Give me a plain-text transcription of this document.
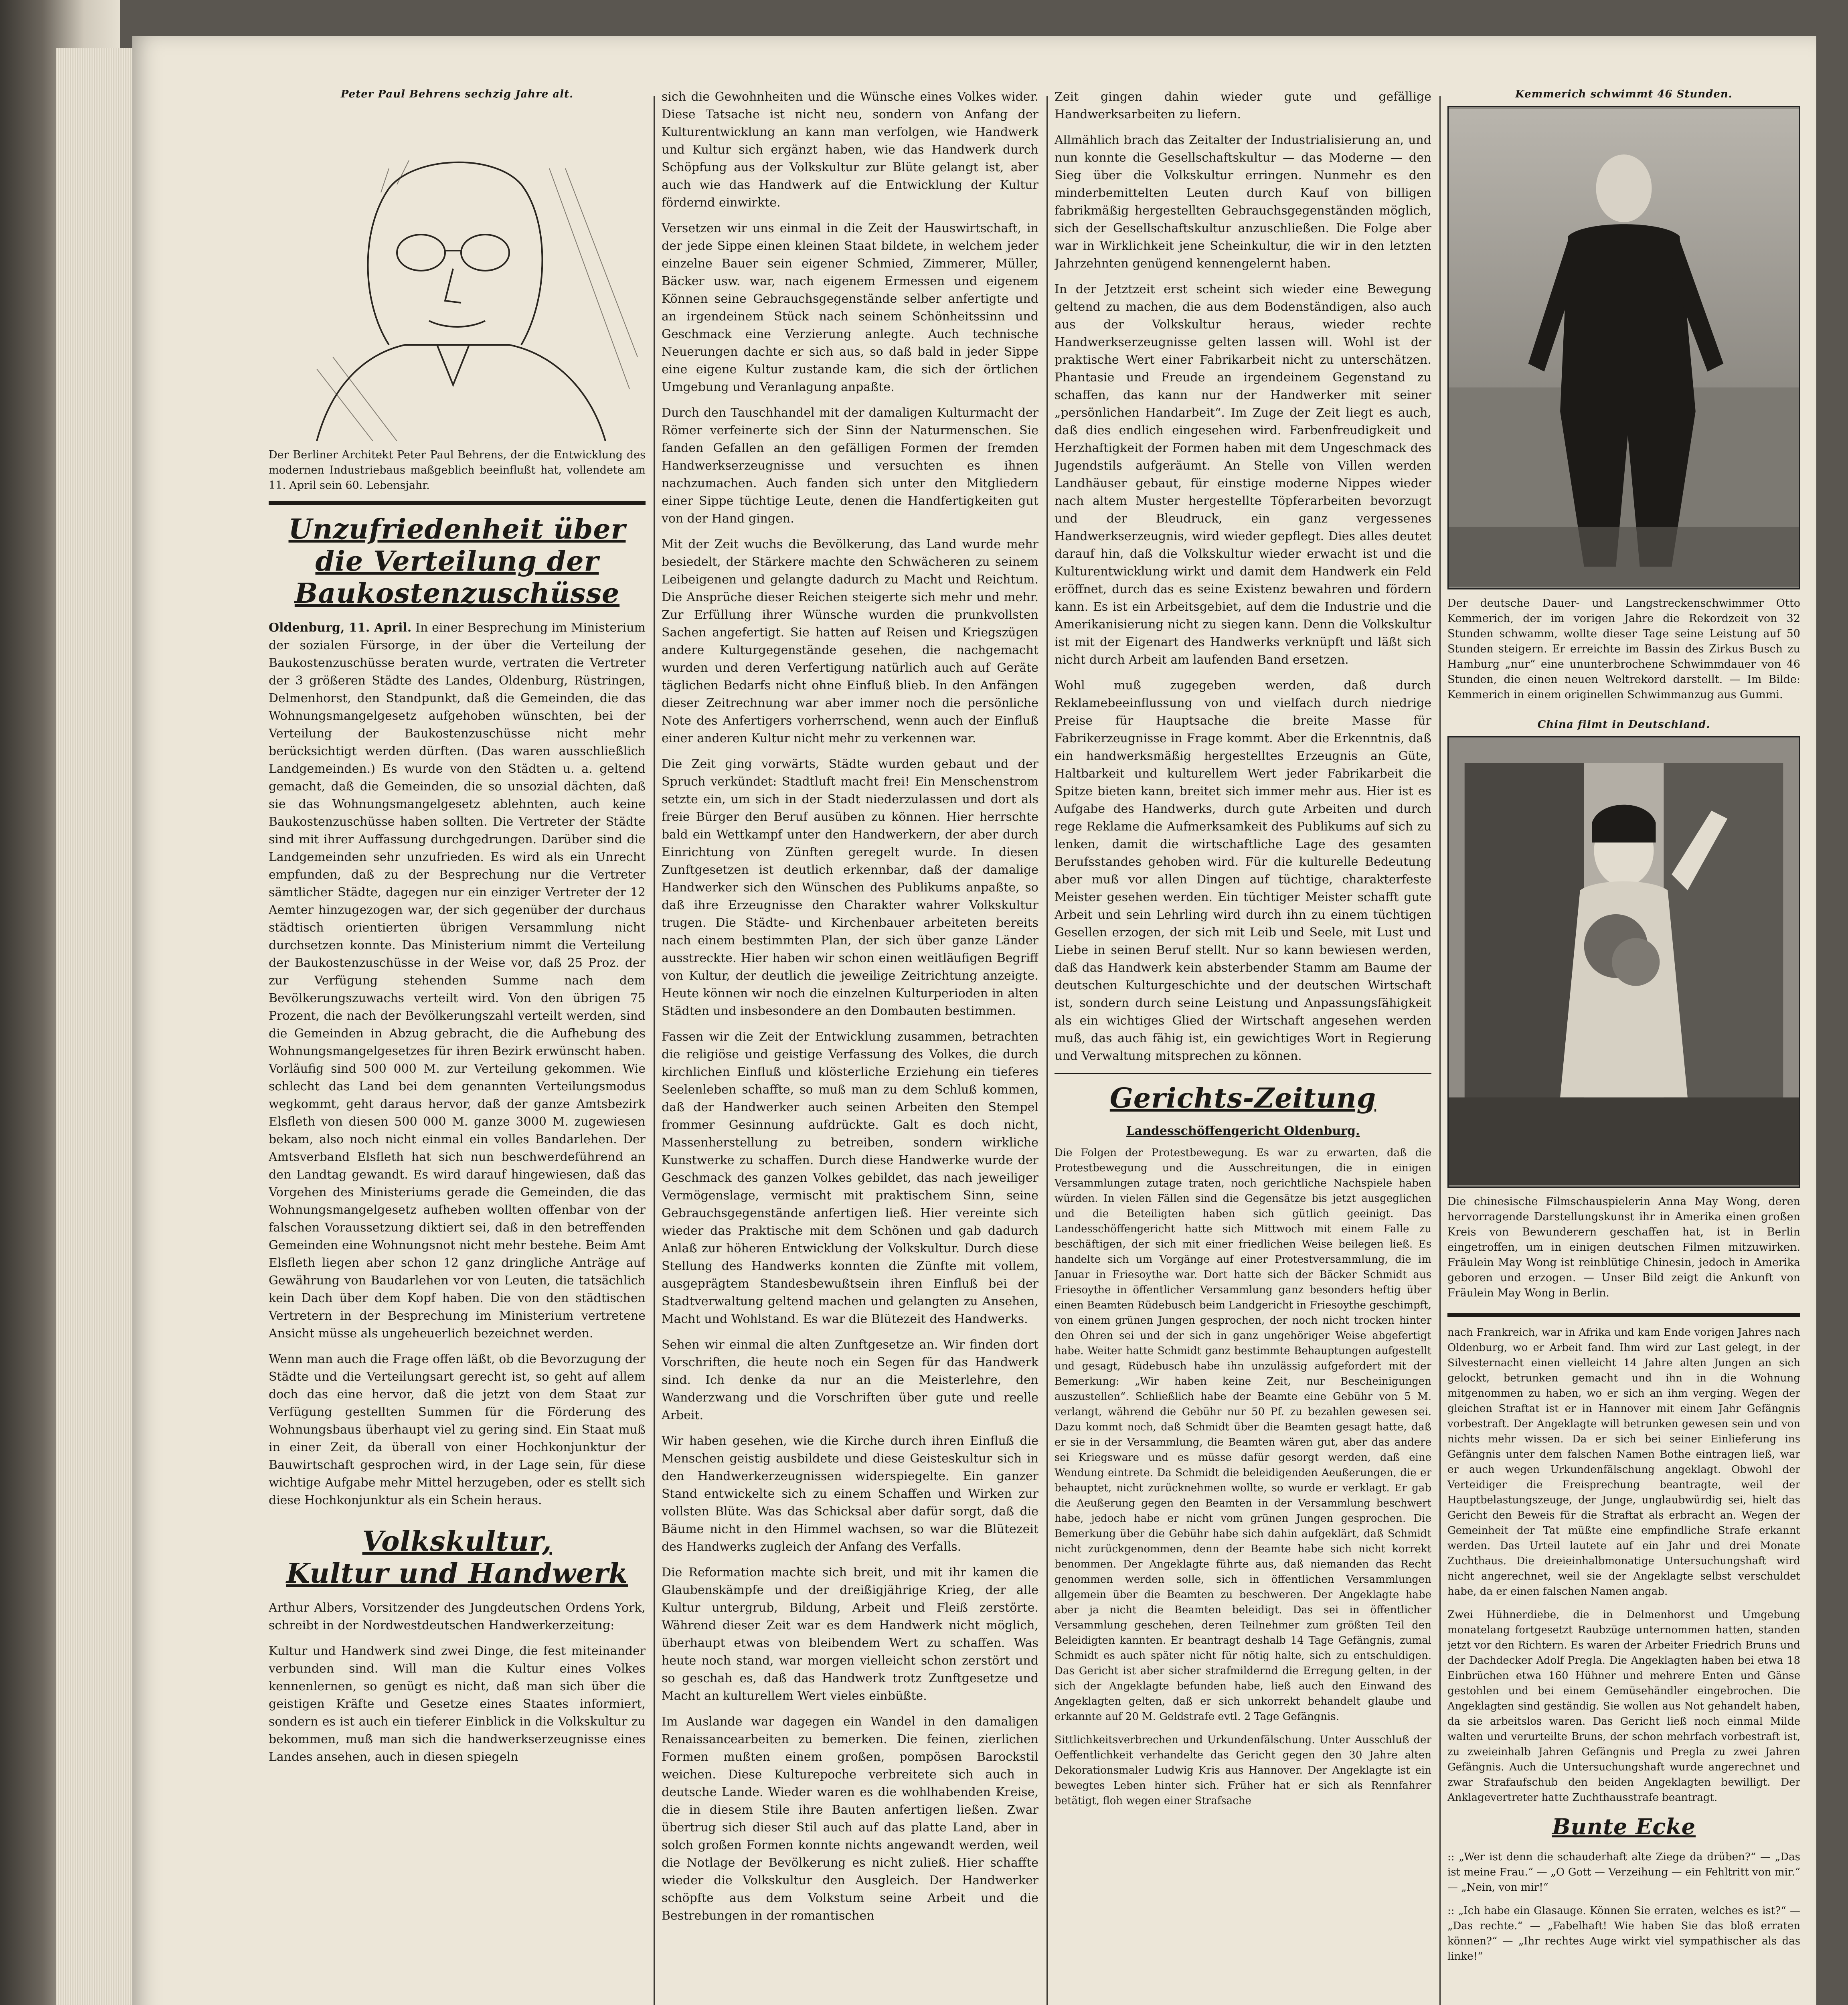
Peter Paul Behrens sechzig Jahre alt.
Der Berliner Architekt Peter Paul Behrens, der die Entwicklung des modernen Industriebaus maßgeblich beeinflußt hat, vollendete am 11. April sein 60. Lebensjahr.
Unzufriedenheit über die Verteilung der Baukostenzuschüsse

Oldenburg, 11. April. In einer Besprechung im Ministerium der sozialen Fürsorge, in der über die Verteilung der Baukostenzuschüsse beraten wurde, vertraten die Vertreter der 3 größeren Städte des Landes, Oldenburg, Rüstringen, Delmenhorst, den Standpunkt, daß die Gemeinden, die das Wohnungsmangelgesetz aufgehoben wünschten, bei der Verteilung der Baukostenzuschüsse nicht mehr berücksichtigt werden dürften. (Das waren ausschließlich Landgemeinden.) Es wurde von den Städten u. a. geltend gemacht, daß die Gemeinden, die so unsozial dächten, daß sie das Wohnungsmangelgesetz ablehnten, auch keine Baukostenzuschüsse haben sollten. Die Vertreter der Städte sind mit ihrer Auffassung durchgedrungen. Darüber sind die Landgemeinden sehr unzufrieden. Es wird als ein Unrecht empfunden, daß zu der Besprechung nur die Vertreter sämtlicher Städte, dagegen nur ein einziger Vertreter der 12 Aemter hinzugezogen war, der sich gegenüber der durchaus städtisch orientierten übrigen Versammlung nicht durchsetzen konnte. Das Ministerium nimmt die Verteilung der Baukostenzuschüsse in der Weise vor, daß 25 Proz. der zur Verfügung stehenden Summe nach dem Bevölkerungszuwachs verteilt wird. Von den übrigen 75 Prozent, die nach der Bevölkerungszahl verteilt werden, sind die Gemeinden in Abzug gebracht, die die Aufhebung des Wohnungsmangelgesetzes für ihren Bezirk erwünscht haben. Vorläufig sind 500 000 M. zur Verteilung gekommen. Wie schlecht das Land bei dem genannten Verteilungsmodus wegkommt, geht daraus hervor, daß der ganze Amtsbezirk Elsfleth von diesen 500 000 M. ganze 3000 M. zugewiesen bekam, also noch nicht einmal ein volles Bandarlehen. Der Amtsverband Elsfleth hat sich nun beschwerdeführend an den Landtag gewandt. Es wird darauf hingewiesen, daß das Vorgehen des Ministeriums gerade die Gemeinden, die das Wohnungsmangelgesetz aufheben wollten offenbar von der falschen Voraussetzung diktiert sei, daß in den betreffenden Gemeinden eine Wohnungsnot nicht mehr bestehe. Beim Amt Elsfleth liegen aber schon 12 ganz dringliche Anträge auf Gewährung von Baudarlehen vor von Leuten, die tatsächlich kein Dach über dem Kopf haben. Die von den städtischen Vertretern in der Besprechung im Ministerium vertretene Ansicht müsse als ungeheuerlich bezeichnet werden.

Wenn man auch die Frage offen läßt, ob die Bevorzugung der Städte und die Verteilungsart gerecht ist, so geht auf allem doch das eine hervor, daß die jetzt von dem Staat zur Verfügung gestellten Summen für die Förderung des Wohnungsbaus überhaupt viel zu gering sind. Ein Staat muß in einer Zeit, da überall von einer Hochkonjunktur der Bauwirtschaft gesprochen wird, in der Lage sein, für diese wichtige Aufgabe mehr Mittel herzugeben, oder es stellt sich diese Hochkonjunktur als ein Schein heraus.

Volkskultur,
Kultur und Handwerk

Arthur Albers, Vorsitzender des Jungdeutschen Ordens York, schreibt in der Nordwestdeutschen Handwerkerzeitung:

Kultur und Handwerk sind zwei Dinge, die fest miteinander verbunden sind. Will man die Kultur eines Volkes kennenlernen, so genügt es nicht, daß man sich über die geistigen Kräfte und Gesetze eines Staates informiert, sondern es ist auch ein tieferer Einblick in die Volkskultur zu bekommen, muß man sich die handwerkserzeugnisse eines Landes ansehen, auch in diesen spiegeln

sich die Gewohnheiten und die Wünsche eines Volkes wider. Diese Tatsache ist nicht neu, sondern von Anfang der Kulturentwicklung an kann man verfolgen, wie Handwerk und Kultur sich ergänzt haben, wie das Handwerk durch Schöpfung aus der Volkskultur zur Blüte gelangt ist, aber auch wie das Handwerk auf die Entwicklung der Kultur fördernd einwirkte.

Versetzen wir uns einmal in die Zeit der Hauswirtschaft, in der jede Sippe einen kleinen Staat bildete, in welchem jeder einzelne Bauer sein eigener Schmied, Zimmerer, Müller, Bäcker usw. war, nach eigenem Ermessen und eigenem Können seine Gebrauchsgegenstände selber anfertigte und an irgendeinem Stück nach seinem Schönheitssinn und Geschmack eine Verzierung anlegte. Auch technische Neuerungen dachte er sich aus, so daß bald in jeder Sippe eine eigene Kultur zustande kam, die sich der örtlichen Umgebung und Veranlagung anpaßte.

Durch den Tauschhandel mit der damaligen Kulturmacht der Römer verfeinerte sich der Sinn der Naturmenschen. Sie fanden Gefallen an den gefälligen Formen der fremden Handwerkserzeugnisse und versuchten es ihnen nachzumachen. Auch fanden sich unter den Mitgliedern einer Sippe tüchtige Leute, denen die Handfertigkeiten gut von der Hand gingen.

Mit der Zeit wuchs die Bevölkerung, das Land wurde mehr besiedelt, der Stärkere machte den Schwächeren zu seinem Leibeigenen und gelangte dadurch zu Macht und Reichtum. Die Ansprüche dieser Reichen steigerte sich mehr und mehr. Zur Erfüllung ihrer Wünsche wurden die prunkvollsten Sachen angefertigt. Sie hatten auf Reisen und Kriegszügen andere Kulturgegenstände gesehen, die nachgemacht wurden und deren Verfertigung natürlich auch auf Geräte täglichen Bedarfs nicht ohne Einfluß blieb. In den Anfängen dieser Zeitrechnung war aber immer noch die persönliche Note des Anfertigers vorherrschend, wenn auch der Einfluß einer anderen Kultur nicht mehr zu verkennen war.

Die Zeit ging vorwärts, Städte wurden gebaut und der Spruch verkündet: Stadtluft macht frei! Ein Menschenstrom setzte ein, um sich in der Stadt niederzulassen und dort als freie Bürger den Beruf ausüben zu können. Hier herrschte bald ein Wettkampf unter den Handwerkern, der aber durch Einrichtung von Zünften geregelt wurde. In diesen Zunftgesetzen ist deutlich erkennbar, daß der damalige Handwerker sich den Wünschen des Publikums anpaßte, so daß ihre Erzeugnisse den Charakter wahrer Volkskultur trugen. Die Städte- und Kirchenbauer arbeiteten bereits nach einem bestimmten Plan, der sich über ganze Länder ausstreckte. Hier haben wir schon einen weitläufigen Begriff von Kultur, der deutlich die jeweilige Zeitrichtung anzeigte. Heute können wir noch die einzelnen Kulturperioden in alten Städten und insbesondere an den Dombauten bestimmen.

Fassen wir die Zeit der Entwicklung zusammen, betrachten die religiöse und geistige Verfassung des Volkes, die durch kirchlichen Einfluß und klösterliche Erziehung ein tieferes Seelenleben schaffte, so muß man zu dem Schluß kommen, daß der Handwerker auch seinen Arbeiten den Stempel frommer Gesinnung aufdrückte. Galt es doch nicht, Massenherstellung zu betreiben, sondern wirkliche Kunstwerke zu schaffen. Durch diese Handwerke wurde der Geschmack des ganzen Volkes gebildet, das nach jeweiliger Vermögenslage, vermischt mit praktischem Sinn, seine Gebrauchsgegenstände anfertigen ließ. Hier vereinte sich wieder das Praktische mit dem Schönen und gab dadurch Anlaß zur höheren Entwicklung der Volkskultur. Durch diese Stellung des Handwerks konnten die Zünfte mit vollem, ausgeprägtem Standesbewußtsein ihren Einfluß bei der Stadtverwaltung geltend machen und gelangten zu Ansehen, Macht und Wohlstand. Es war die Blütezeit des Handwerks.

Sehen wir einmal die alten Zunftgesetze an. Wir finden dort Vorschriften, die heute noch ein Segen für das Handwerk sind. Ich denke da nur an die Meisterlehre, den Wanderzwang und die Vorschriften über gute und reelle Arbeit.

Wir haben gesehen, wie die Kirche durch ihren Einfluß die Menschen geistig ausbildete und diese Geisteskultur sich in den Handwerkerzeugnissen widerspiegelte. Ein ganzer Stand entwickelte sich zu einem Schaffen und Wirken zur vollsten Blüte. Was das Schicksal aber dafür sorgt, daß die Bäume nicht in den Himmel wachsen, so war die Blütezeit des Handwerks zugleich der Anfang des Verfalls.

Die Reformation machte sich breit, und mit ihr kamen die Glaubenskämpfe und der dreißigjährige Krieg, der alle Kultur untergrub, Bildung, Arbeit und Fleiß zerstörte. Während dieser Zeit war es dem Handwerk nicht möglich, überhaupt etwas von bleibendem Wert zu schaffen. Was heute noch stand, war morgen vielleicht schon zerstört und so geschah es, daß das Handwerk trotz Zunftgesetze und Macht an kulturellem Wert vieles einbüßte.

Im Auslande war dagegen ein Wandel in den damaligen Renaissancearbeiten zu bemerken. Die feinen, zierlichen Formen mußten einem großen, pompösen Barockstil weichen. Diese Kulturepoche verbreitete sich auch in deutsche Lande. Wieder waren es die wohlhabenden Kreise, die in diesem Stile ihre Bauten anfertigen ließen. Zwar übertrug sich dieser Stil auch auf das platte Land, aber in solch großen Formen konnte nichts angewandt werden, weil die Notlage der Bevölkerung es nicht zuließ. Hier schaffte wieder die Volkskultur den Ausgleich. Der Handwerker schöpfte aus dem Volkstum seine Arbeit und die Bestrebungen in der romantischen

Zeit gingen dahin wieder gute und gefällige Handwerksarbeiten zu liefern.

Allmählich brach das Zeitalter der Industrialisierung an, und nun konnte die Gesellschaftskultur — das Moderne — den Sieg über die Volkskultur erringen. Nunmehr es den minderbemittelten Leuten durch Kauf von billigen fabrikmäßig hergestellten Gebrauchsgegenständen möglich, sich der Gesellschaftskultur anzuschließen. Die Folge aber war in Wirklichkeit jene Scheinkultur, die wir in den letzten Jahrzehnten genügend kennengelernt haben.

In der Jetztzeit erst scheint sich wieder eine Bewegung geltend zu machen, die aus dem Bodenständigen, also auch aus der Volkskultur heraus, wieder rechte Handwerkserzeugnisse gelten lassen will. Wohl ist der praktische Wert einer Fabrikarbeit nicht zu unterschätzen. Phantasie und Freude an irgendeinem Gegenstand zu schaffen, das kann nur der Handwerker mit seiner „persönlichen Handarbeit“. Im Zuge der Zeit liegt es auch, daß dies endlich eingesehen wird. Farbenfreudigkeit und Herzhaftigkeit der Formen haben mit dem Ungeschmack des Jugendstils aufgeräumt. An Stelle von Villen werden Landhäuser gebaut, für einstige moderne Nippes wieder nach altem Muster hergestellte Töpferarbeiten bevorzugt und der Bleudruck, ein ganz vergessenes Handwerkserzeugnis, wird wieder gepflegt. Dies alles deutet darauf hin, daß die Volkskultur wieder erwacht ist und die Kulturentwicklung wirkt und damit dem Handwerk ein Feld eröffnet, durch das es seine Existenz bewahren und fördern kann. Es ist ein Arbeitsgebiet, auf dem die Industrie und die Amerikanisierung nicht zu siegen kann. Denn die Volkskultur ist mit der Eigenart des Handwerks verknüpft und läßt sich nicht durch Arbeit am laufenden Band ersetzen.

Wohl muß zugegeben werden, daß durch Reklamebeeinflussung von und vielfach durch niedrige Preise für Hauptsache die breite Masse für Fabrikerzeugnisse in Frage kommt. Aber die Erkenntnis, daß ein handwerksmäßig hergestelltes Erzeugnis an Güte, Haltbarkeit und kulturellem Wert jeder Fabrikarbeit die Spitze bieten kann, breitet sich immer mehr aus. Hier ist es Aufgabe des Handwerks, durch gute Arbeiten und durch rege Reklame die Aufmerksamkeit des Publikums auf sich zu lenken, damit die wirtschaftliche Lage des gesamten Berufsstandes gehoben wird. Für die kulturelle Bedeutung aber muß vor allen Dingen auf tüchtige, charakterfeste Meister gesehen werden. Ein tüchtiger Meister schafft gute Arbeit und sein Lehrling wird durch ihn zu einem tüchtigen Gesellen erzogen, der sich mit Leib und Seele, mit Lust und Liebe in seinen Beruf stellt. Nur so kann bewiesen werden, daß das Handwerk kein absterbender Stamm am Baume der deutschen Kulturgeschichte und der deutschen Wirtschaft ist, sondern durch seine Leistung und Anpassungsfähigkeit als ein wichtiges Glied der Wirtschaft angesehen werden muß, das auch fähig ist, ein gewichtiges Wort in Regierung und Verwaltung mitsprechen zu können.

Gerichts-Zeitung
Landesschöffengericht Oldenburg.

Die Folgen der Protestbewegung. Es war zu erwarten, daß die Protestbewegung und die Ausschreitungen, die in einigen Versammlungen zutage traten, noch gerichtliche Nachspiele haben würden. In vielen Fällen sind die Gegensätze bis jetzt ausgeglichen und die Beteiligten haben sich gütlich geeinigt. Das Landesschöffengericht hatte sich Mittwoch mit einem Falle zu beschäftigen, der sich mit einer friedlichen Weise beilegen ließ. Es handelte sich um Vorgänge auf einer Protestversammlung, die im Januar in Friesoythe war. Dort hatte sich der Bäcker Schmidt aus Friesoythe in öffentlicher Versammlung ganz besonders heftig über einen Beamten Rüdebusch beim Landgericht in Friesoythe geschimpft, von einem grünen Jungen gesprochen, der noch nicht trocken hinter den Ohren sei und der sich in ganz ungehöriger Weise abgefertigt habe. Weiter hatte Schmidt ganz bestimmte Behauptungen aufgestellt und gesagt, Rüdebusch habe ihn unzulässig aufgefordert mit der Bemerkung: „Wir haben keine Zeit, nur Bescheinigungen auszustellen“. Schließlich habe der Beamte eine Gebühr von 5 M. verlangt, während die Gebühr nur 50 Pf. zu bezahlen gewesen sei. Dazu kommt noch, daß Schmidt über die Beamten gesagt hatte, daß er sie in der Versammlung, die Beamten wären gut, aber das andere sei Kriegsware und es müsse dafür gesorgt werden, daß eine Wendung eintrete. Da Schmidt die beleidigenden Aeußerungen, die er behauptet, nicht zurücknehmen wollte, so wurde er verklagt. Er gab die Aeußerung gegen den Beamten in der Versammlung beschwert habe, jedoch habe er nicht vom grünen Jungen gesprochen. Die Bemerkung über die Gebühr habe sich dahin aufgeklärt, daß Schmidt nicht zurückgenommen, denn der Beamte habe sich nicht korrekt benommen. Der Angeklagte führte aus, daß niemanden das Recht genommen werden solle, sich in öffentlichen Versammlungen allgemein über die Beamten zu beschweren. Der Angeklagte habe aber ja nicht die Beamten beleidigt. Das sei in öffentlicher Versammlung geschehen, deren Teilnehmer zum größten Teil den Beleidigten kannten. Er beantragt deshalb 14 Tage Gefängnis, zumal Schmidt es auch später nicht für nötig halte, sich zu entschuldigen. Das Gericht ist aber sicher strafmildernd die Erregung gelten, in der sich der Angeklagte befunden habe, ließ auch den Einwand des Angeklagten gelten, daß er sich unkorrekt behandelt glaube und erkannte auf 20 M. Geldstrafe evtl. 2 Tage Gefängnis.

Sittlichkeitsverbrechen und Urkundenfälschung. Unter Ausschluß der Oeffentlichkeit verhandelte das Gericht gegen den 30 Jahre alten Dekorationsmaler Ludwig Kris aus Hannover. Der Angeklagte ist ein bewegtes Leben hinter sich. Früher hat er sich als Rennfahrer betätigt, floh wegen einer Strafsache

Kemmerich schwimmt 46 Stunden.
Der deutsche Dauer- und Langstreckenschwimmer Otto Kemmerich, der im vorigen Jahre die Rekordzeit von 32 Stunden schwamm, wollte dieser Tage seine Leistung auf 50 Stunden steigern. Er erreichte im Bassin des Zirkus Busch zu Hamburg „nur“ eine ununterbrochene Schwimmdauer von 46 Stunden, die einen neuen Weltrekord darstellt. — Im Bilde: Kemmerich in einem originellen Schwimmanzug aus Gummi.
China filmt in Deutschland.
Die chinesische Filmschauspielerin Anna May Wong, deren hervorragende Darstellungskunst ihr in Amerika einen großen Kreis von Bewunderern geschaffen hat, ist in Berlin eingetroffen, um in einigen deutschen Filmen mitzuwirken. Fräulein May Wong ist reinblütige Chinesin, jedoch in Amerika geboren und erzogen. — Unser Bild zeigt die Ankunft von Fräulein May Wong in Berlin.

nach Frankreich, war in Afrika und kam Ende vorigen Jahres nach Oldenburg, wo er Arbeit fand. Ihm wird zur Last gelegt, in der Silvesternacht einen vielleicht 14 Jahre alten Jungen an sich gelockt, betrunken gemacht und ihn in die Wohnung mitgenommen zu haben, wo er sich an ihm verging. Wegen der gleichen Straftat ist er in Hannover mit einem Jahr Gefängnis vorbestraft. Der Angeklagte will betrunken gewesen sein und von nichts mehr wissen. Da er sich bei seiner Einlieferung ins Gefängnis unter dem falschen Namen Bothe eintragen ließ, war er auch wegen Urkundenfälschung angeklagt. Obwohl der Verteidiger die Freisprechung beantragte, weil der Hauptbelastungszeuge, der Junge, unglaubwürdig sei, hielt das Gericht den Beweis für die Straftat als erbracht an. Wegen der Gemeinheit der Tat müßte eine empfindliche Strafe erkannt werden. Das Urteil lautete auf ein Jahr und drei Monate Zuchthaus. Die dreieinhalbmonatige Untersuchungshaft wird nicht angerechnet, weil sie der Angeklagte selbst verschuldet habe, da er einen falschen Namen angab.

Zwei Hühnerdiebe, die in Delmenhorst und Umgebung monatelang fortgesetzt Raubzüge unternommen hatten, standen jetzt vor den Richtern. Es waren der Arbeiter Friedrich Bruns und der Dachdecker Adolf Pregla. Die Angeklagten haben bei etwa 18 Einbrüchen etwa 160 Hühner und mehrere Enten und Gänse gestohlen und bei einem Gemüsehändler eingebrochen. Die Angeklagten sind geständig. Sie wollen aus Not gehandelt haben, da sie arbeitslos waren. Das Gericht ließ noch einmal Milde walten und verurteilte Bruns, der schon mehrfach vorbestraft ist, zu zweieinhalb Jahren Gefängnis und Pregla zu zwei Jahren Gefängnis. Auch die Untersuchungshaft wurde angerechnet und zwar Strafaufschub den beiden Angeklagten bewilligt. Der Anklagevertreter hatte Zuchthausstrafe beantragt.

Bunte Ecke

:: „Wer ist denn die schauderhaft alte Ziege da drüben?“ — „Das ist meine Frau.“ — „O Gott — Verzeihung — ein Fehltritt von mir.“ — „Nein, von mir!“

:: „Ich habe ein Glasauge. Können Sie erraten, welches es ist?“ — „Das rechte.“ — „Fabelhaft! Wie haben Sie das bloß erraten können?“ — „Ihr rechtes Auge wirkt viel sympathischer als das linke!“
